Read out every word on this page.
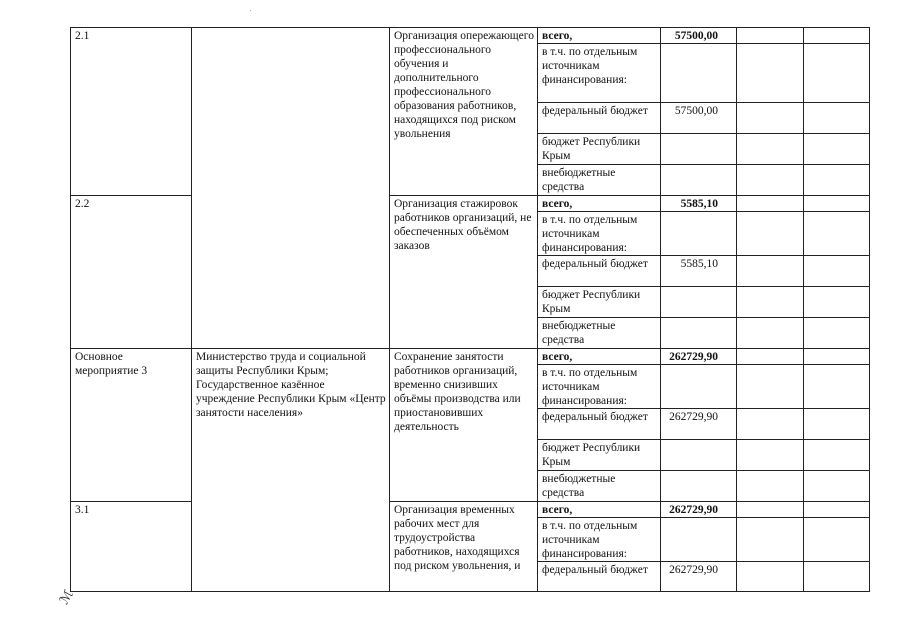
2.1		Организация опережающего профессионального обучения и дополнительного профессионального образования работников, находящихся под риском увольнения	всего,	57500,00		
			в т.ч. по отдельным источникам финансирования:			
			федеральный бюджет	57500,00		
			бюджет Республики Крым			
			внебюджетные средства			
2.2		Организация стажировок работников организаций, не обеспеченных объёмом заказов	всего,	5585,10		
			в т.ч. по отдельным источникам финансирования:			
			федеральный бюджет	5585,10		
			бюджет Республики Крым			
			внебюджетные средства			
Основное мероприятие 3	Министерство труда и социальной защиты Республики Крым; Государственное казённое учреждение Республики Крым «Центр занятости населения»	Сохранение занятости работников организаций, временно снизивших объёмы производства или приостановивших деятельность	всего,	262729,90		
			в т.ч. по отдельным источникам финансирования:			
			федеральный бюджет	262729,90		
			бюджет Республики Крым			
			внебюджетные средства			
3.1		Организация временных рабочих мест для трудоустройства работников, находящихся под риском увольнения, и	всего,	262729,90		
			в т.ч. по отдельным источникам финансирования:			
			федеральный бюджет	262729,90		
ℳ
